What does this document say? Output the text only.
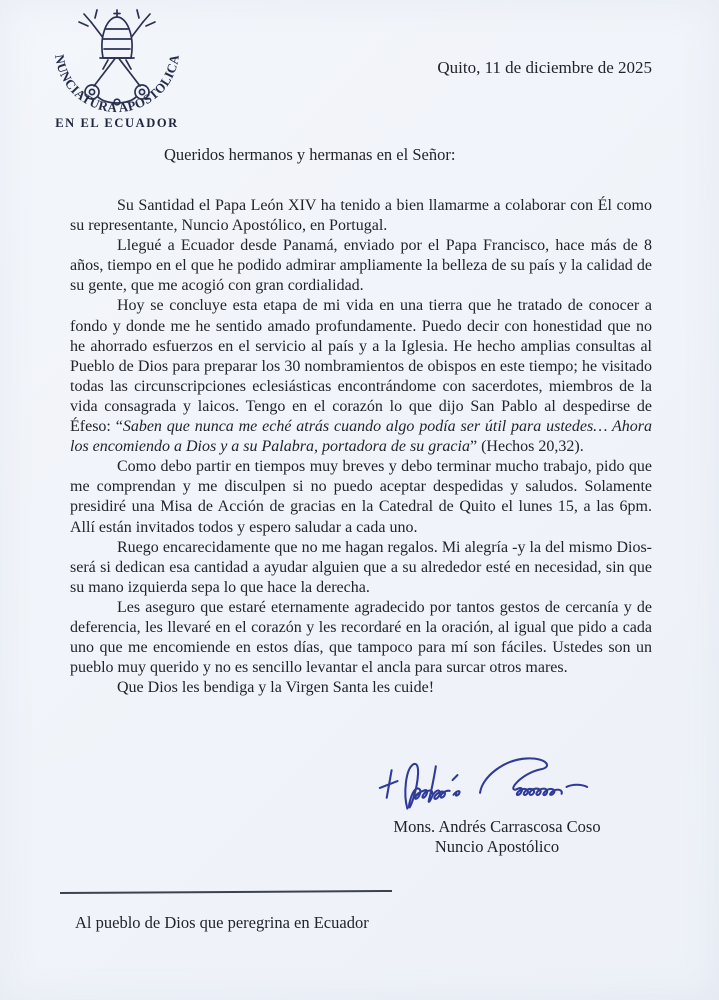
NUNCIATURA APOSTOLICA
EN EL ECUADOR
Quito, 11 de diciembre de 2025
Queridos hermanos y hermanas en el Señor:

Su Santidad el Papa León XIV ha tenido a bien llamarme a colaborar con Él como su representante, Nuncio Apostólico, en Portugal.

Llegué a Ecuador desde Panamá, enviado por el Papa Francisco, hace más de 8 años, tiempo en el que he podido admirar ampliamente la belleza de su país y la calidad de su gente, que me acogió con gran cordialidad.

Hoy se concluye esta etapa de mi vida en una tierra que he tratado de conocer a fondo y donde me he sentido amado profundamente. Puedo decir con honestidad que no he ahorrado esfuerzos en el servicio al país y a la Iglesia. He hecho amplias consultas al Pueblo de Dios para preparar los 30 nombramientos de obispos en este tiempo; he visitado todas las circunscripciones eclesiásticas encontrándome con sacerdotes, miembros de la vida consagrada y laicos. Tengo en el corazón lo que dijo San Pablo al despedirse de Éfeso: “Saben que nunca me eché atrás cuando algo podía ser útil para ustedes… Ahora los encomiendo a Dios y a su Palabra, portadora de su gracia” (Hechos 20,32).

Como debo partir en tiempos muy breves y debo terminar mucho trabajo, pido que me comprendan y me disculpen si no puedo aceptar despedidas y saludos. Solamente presidiré una Misa de Acción de gracias en la Catedral de Quito el lunes 15, a las 6pm. Allí están invitados todos y espero saludar a cada uno.

Ruego encarecidamente que no me hagan regalos. Mi alegría -y la del mismo Dios- será si dedican esa cantidad a ayudar alguien que a su alrededor esté en necesidad, sin que su mano izquierda sepa lo que hace la derecha.

Les aseguro que estaré eternamente agradecido por tantos gestos de cercanía y de deferencia, les llevaré en el corazón y les recordaré en la oración, al igual que pido a cada uno que me encomiende en estos días, que tampoco para mí son fáciles. Ustedes son un pueblo muy querido y no es sencillo levantar el ancla para surcar otros mares.

Que Dios les bendiga y la Virgen Santa les cuide!

Mons. Andrés Carrascosa Coso
Nuncio Apostólico
Al pueblo de Dios que peregrina en Ecuador
